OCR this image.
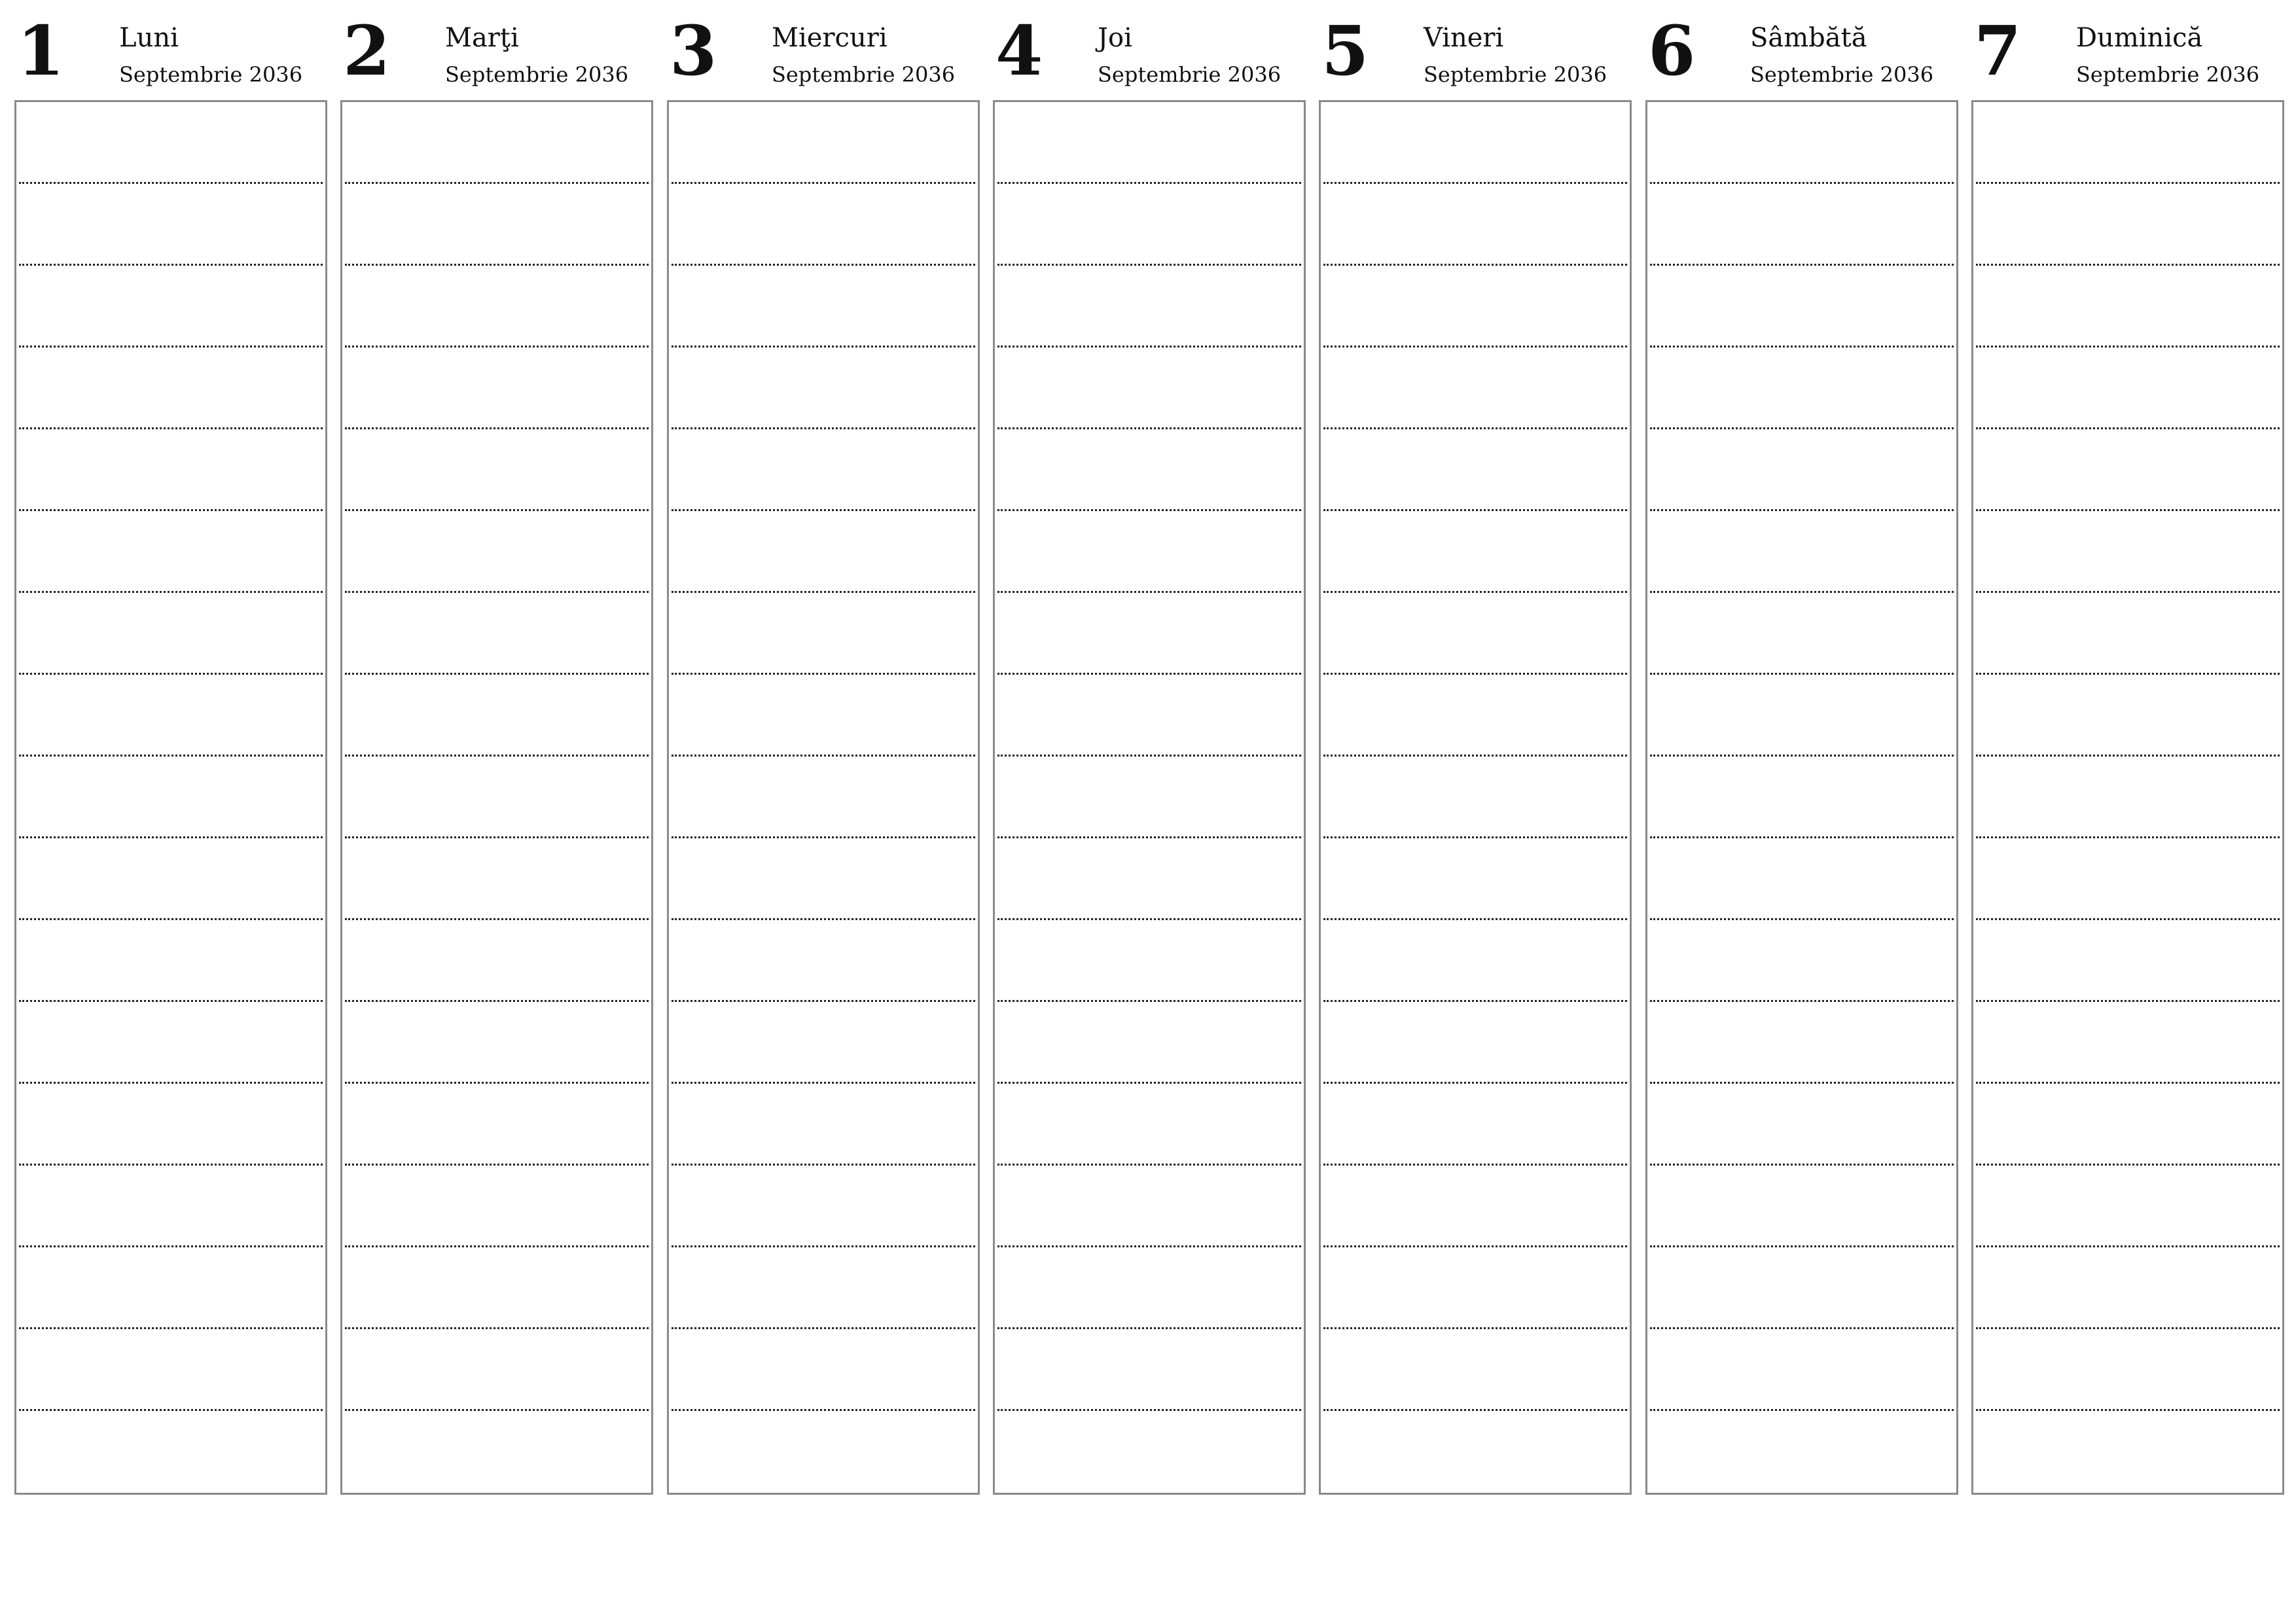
1 Luni
Septembrie 2036 2 Marţi
Septembrie 2036 3 Miercuri
Septembrie 2036 4 Joi
Septembrie 2036 5 Vineri
Septembrie 2036 6 Sâmbătă
Septembrie 2036 7 Duminică
Septembrie 2036
